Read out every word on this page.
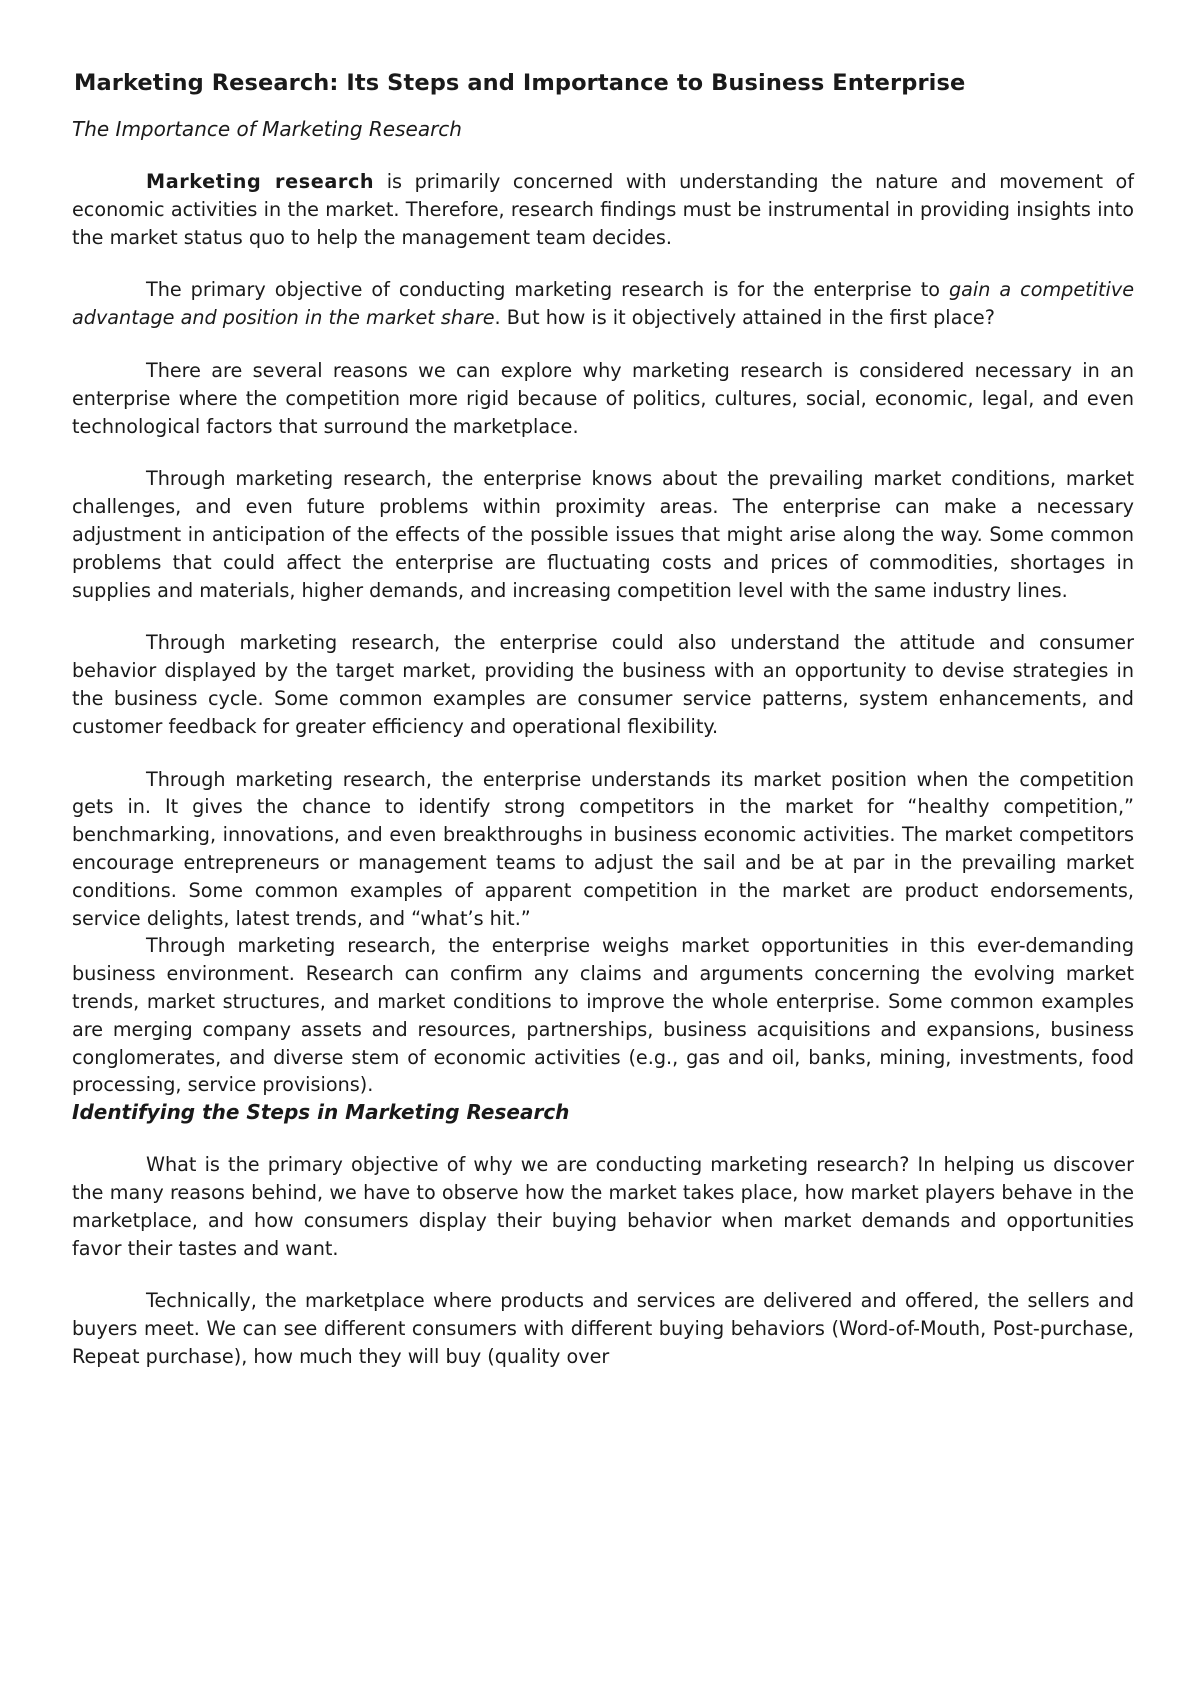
Marketing Research: Its Steps and Importance to Business Enterprise
The Importance of Marketing Research

Marketing research is primarily concerned with understanding the nature and movement of economic activities in the market. Therefore, research findings must be instrumental in providing insights into the market status quo to help the management team decides.

The primary objective of conducting marketing research is for the enterprise to gain a competitive advantage and position in the market share. But how is it objectively attained in the first place?

There are several reasons we can explore why marketing research is considered necessary in an enterprise where the competition more rigid because of politics, cultures, social, economic, legal, and even technological factors that surround the marketplace.

Through marketing research, the enterprise knows about the prevailing market conditions, market challenges, and even future problems within proximity areas. The enterprise can make a necessary adjustment in anticipation of the effects of the possible issues that might arise along the way. Some common problems that could affect the enterprise are fluctuating costs and prices of commodities, shortages in supplies and materials, higher demands, and increasing competition level with the same industry lines.

Through marketing research, the enterprise could also understand the attitude and consumer behavior displayed by the target market, providing the business with an opportunity to devise strategies in the business cycle. Some common examples are consumer service patterns, system enhancements, and customer feedback for greater efficiency and operational flexibility.

Through marketing research, the enterprise understands its market position when the competition gets in. It gives the chance to identify strong competitors in the market for “healthy competition,” benchmarking, innovations, and even breakthroughs in business economic activities. The market competitors encourage entrepreneurs or management teams to adjust the sail and be at par in the prevailing market conditions. Some common examples of apparent competition in the market are product endorsements, service delights, latest trends, and “what’s hit.”

Through marketing research, the enterprise weighs market opportunities in this ever-demanding business environment. Research can confirm any claims and arguments concerning the evolving market trends, market structures, and market conditions to improve the whole enterprise. Some common examples are merging company assets and resources, partnerships, business acquisitions and expansions, business conglomerates, and diverse stem of economic activities (e.g., gas and oil, banks, mining, investments, food processing, service provisions).

Identifying the Steps in Marketing Research

What is the primary objective of why we are conducting marketing research? In helping us discover the many reasons behind, we have to observe how the market takes place, how market players behave in the marketplace, and how consumers display their buying behavior when market demands and opportunities favor their tastes and want.

Technically, the marketplace where products and services are delivered and offered, the sellers and buyers meet. We can see different consumers with different buying behaviors (Word-of-Mouth, Post-purchase, Repeat purchase), how much they will buy (quality over
